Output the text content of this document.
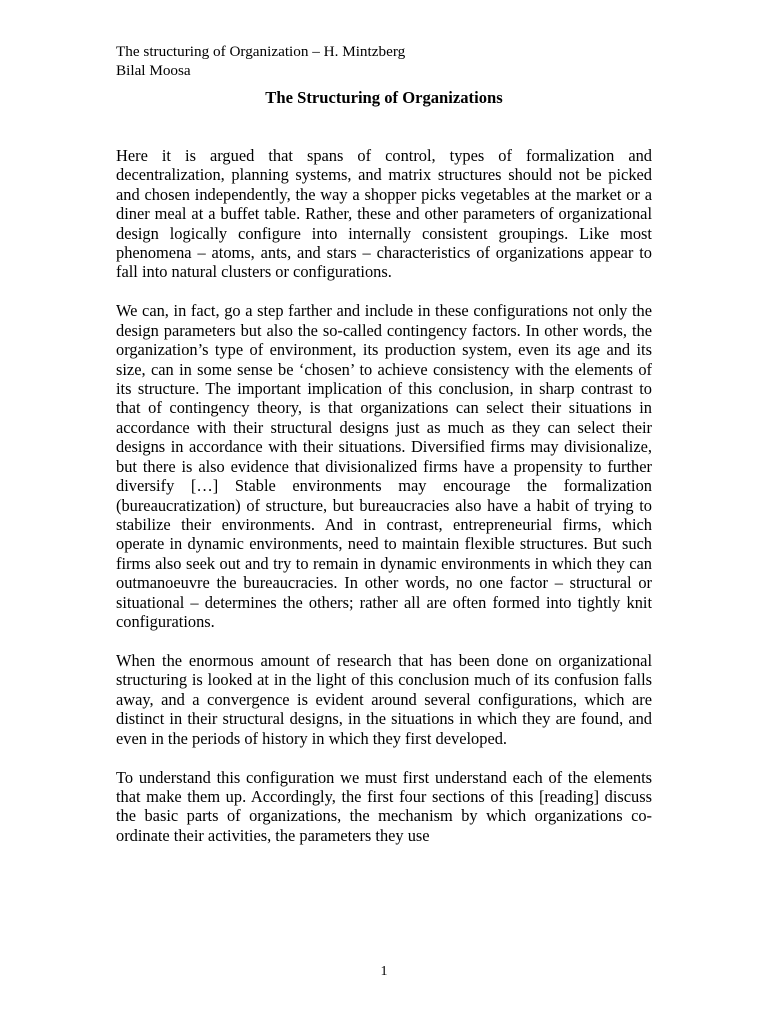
The structuring of Organization – H. Mintzberg
Bilal Moosa
The Structuring of Organizations

Here it is argued that spans of control, types of formalization and decentralization, planning systems, and matrix structures should not be picked and chosen independently, the way a shopper picks vegetables at the market or a diner meal at a buffet table. Rather, these and other parameters of organizational design logically configure into internally consistent groupings. Like most phenomena – atoms, ants, and stars – characteristics of organizations appear to fall into natural clusters or configurations.

We can, in fact, go a step farther and include in these configurations not only the design parameters but also the so-called contingency factors. In other words, the organization’s type of environment, its production system, even its age and its size, can in some sense be ‘chosen’ to achieve consistency with the elements of its structure. The important implication of this conclusion, in sharp contrast to that of contingency theory, is that organizations can select their situations in accordance with their structural designs just as much as they can select their designs in accordance with their situations. Diversified firms may divisionalize, but there is also evidence that divisionalized firms have a propensity to further diversify […] Stable environments may encourage the formalization (bureaucratization) of structure, but bureaucracies also have a habit of trying to stabilize their environments. And in contrast, entrepreneurial firms, which operate in dynamic environments, need to maintain flexible structures. But such firms also seek out and try to remain in dynamic environments in which they can outmanoeuvre the bureaucracies. In other words, no one factor – structural or situational – determines the others; rather all are often formed into tightly knit configurations.

When the enormous amount of research that has been done on organizational structuring is looked at in the light of this conclusion much of its confusion falls away, and a convergence is evident around several configurations, which are distinct in their structural designs, in the situations in which they are found, and even in the periods of history in which they first developed.

To understand this configuration we must first understand each of the elements that make them up. Accordingly, the first four sections of this [reading] discuss the basic parts of organizations, the mechanism by which organizations co-ordinate their activities, the parameters they use

1
